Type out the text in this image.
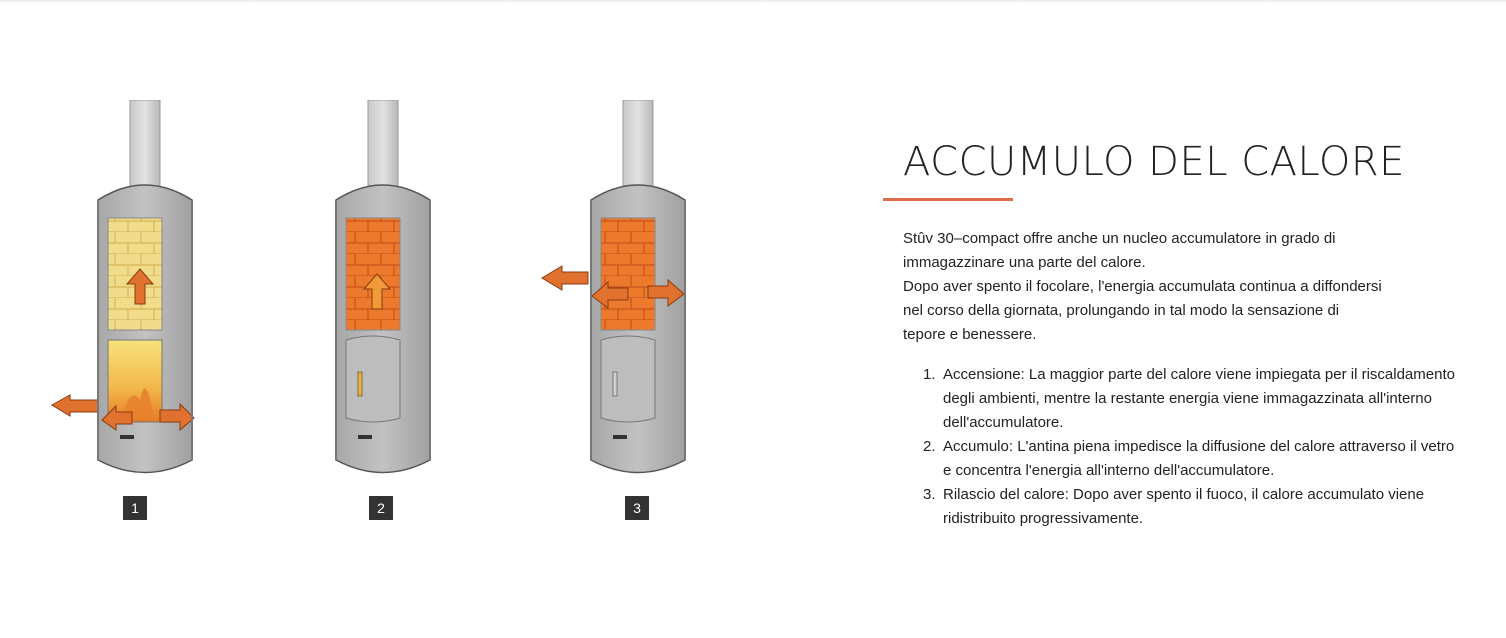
1	2	3
ACCUMULO DEL CALORE

Stûv 30–compact offre anche un nucleo accumulatore in grado di immagazzinare una parte del calore.

Dopo aver spento il focolare, l'energia accumulata continua a diffondersi nel corso della giornata, prolungando in tal modo la sensazione di tepore e benessere.

1. Accensione: La maggior parte del calore viene impiegata per il riscaldamento degli ambienti, mentre la restante energia viene immagazzinata all'interno dell'accumulatore.
2. Accumulo: L'antina piena impedisce la diffusione del calore attraverso il vetro e concentra l'energia all'interno dell'accumulatore.
3. Rilascio del calore: Dopo aver spento il fuoco, il calore accumulato viene ridistribuito progressivamente.
